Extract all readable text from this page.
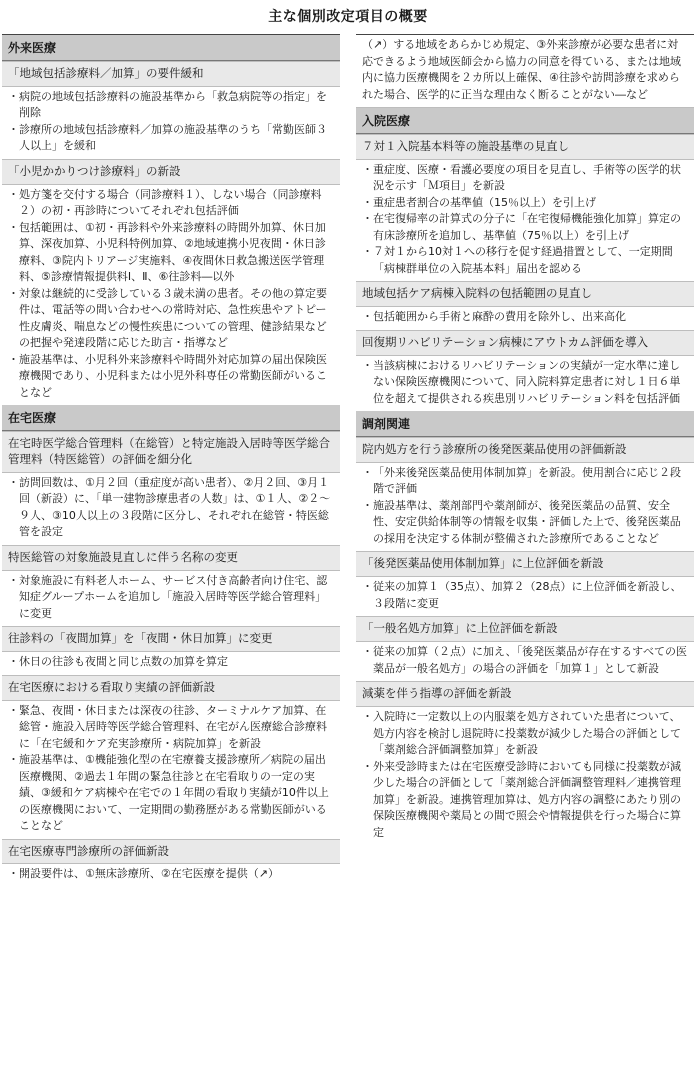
主な個別改定項目の概要
外来医療
「地域包括診療料／加算」の要件緩和
・ 病院の地域包括診療料の施設基準から「救急病院等の指定」を削除
・ 診療所の地域包括診療料／加算の施設基準のうち「常勤医師３人以上」を緩和
「小児かかりつけ診療料」の新設
・ 処方箋を交付する場合（同診療料１）、しない場合（同診療料２）の初・再診時についてそれぞれ包括評価
・ 包括範囲は、①初・再診料や外来診療料の時間外加算、休日加算、深夜加算、小児科特例加算、②地域連携小児夜間・休日診療料、③院内トリアージ実施料、④夜間休日救急搬送医学管理料、⑤診療情報提供料Ⅰ、Ⅱ、⑥往診料―以外
・ 対象は継続的に受診している３歳未満の患者。その他の算定要件は、電話等の問い合わせへの常時対応、急性疾患やアトピー性皮膚炎、喘息などの慢性疾患についての管理、健診結果などの把握や発達段階に応じた助言・指導など
・ 施設基準は、小児科外来診療料や時間外対応加算の届出保険医療機関であり、小児科または小児外科専任の常勤医師がいることなど
在宅医療
在宅時医学総合管理料（在総管）と特定施設入居時等医学総合管理料（特医総管）の評価を細分化
・ 訪問回数は、①月２回（重症度が高い患者）、②月２回、③月１回（新設）に、「単一建物診療患者の人数」は、①１人、②２〜９人、③10人以上の３段階に区分し、それぞれ在総管・特医総管を設定
特医総管の対象施設見直しに伴う名称の変更
・ 対象施設に有料老人ホーム、サービス付き高齢者向け住宅、認知症グループホームを追加し「施設入居時等医学総合管理料」に変更
往診料の「夜間加算」を「夜間・休日加算」に変更
・ 休日の往診も夜間と同じ点数の加算を算定
在宅医療における看取り実績の評価新設
・ 緊急、夜間・休日または深夜の往診、ターミナルケア加算、在総管・施設入居時等医学総合管理料、在宅がん医療総合診療料に「在宅緩和ケア充実診療所・病院加算」を新設
・ 施設基準は、①機能強化型の在宅療養支援診療所／病院の届出医療機関、②過去１年間の緊急往診と在宅看取りの一定の実績、③緩和ケア病棟や在宅での１年間の看取り実績が10件以上の医療機関において、一定期間の勤務歴がある常勤医師がいることなど
在宅医療専門診療所の評価新設
・ 開設要件は、①無床診療所、②在宅医療を提供（↗）
（↗）する地域をあらかじめ規定、③外来診療が必要な患者に対応できるよう地域医師会から協力の同意を得ている、または地域内に協力医療機関を２カ所以上確保、④往診や訪問診療を求められた場合、医学的に正当な理由なく断ることがない―など
入院医療
７対１入院基本料等の施設基準の見直し
・ 重症度、医療・看護必要度の項目を見直し、手術等の医学的状況を示す「Ｍ項目」を新設
・ 重症患者割合の基準値（15％以上）を引上げ
・ 在宅復帰率の計算式の分子に「在宅復帰機能強化加算」算定の有床診療所を追加し、基準値（75％以上）を引上げ
・ ７対１から10対１への移行を促す経過措置として、一定期間「病棟群単位の入院基本料」届出を認める
地域包括ケア病棟入院料の包括範囲の見直し
・ 包括範囲から手術と麻酔の費用を除外し、出来高化
回復期リハビリテーション病棟にアウトカム評価を導入
・ 当該病棟におけるリハビリテーションの実績が一定水準に達しない保険医療機関について、同入院料算定患者に対し１日６単位を超えて提供される疾患別リハビリテーション料を包括評価
調剤関連
院内処方を行う診療所の後発医薬品使用の評価新設
・ 「外来後発医薬品使用体制加算」を新設。使用割合に応じ２段階で評価
・ 施設基準は、薬剤部門や薬剤師が、後発医薬品の品質、安全性、安定供給体制等の情報を収集・評価した上で、後発医薬品の採用を決定する体制が整備された診療所であることなど
「後発医薬品使用体制加算」に上位評価を新設
・ 従来の加算１（35点）、加算２（28点）に上位評価を新設し、３段階に変更
「一般名処方加算」に上位評価を新設
・ 従来の加算（２点）に加え、「後発医薬品が存在するすべての医薬品が一般名処方」の場合の評価を「加算１」として新設
減薬を伴う指導の評価を新設
・ 入院時に一定数以上の内服薬を処方されていた患者について、処方内容を検討し退院時に投薬数が減少した場合の評価として「薬剤総合評価調整加算」を新設
・ 外来受診時または在宅医療受診時においても同様に投薬数が減少した場合の評価として「薬剤総合評価調整管理料／連携管理加算」を新設。連携管理加算は、処方内容の調整にあたり別の保険医療機関や薬局との間で照会や情報提供を行った場合に算定
